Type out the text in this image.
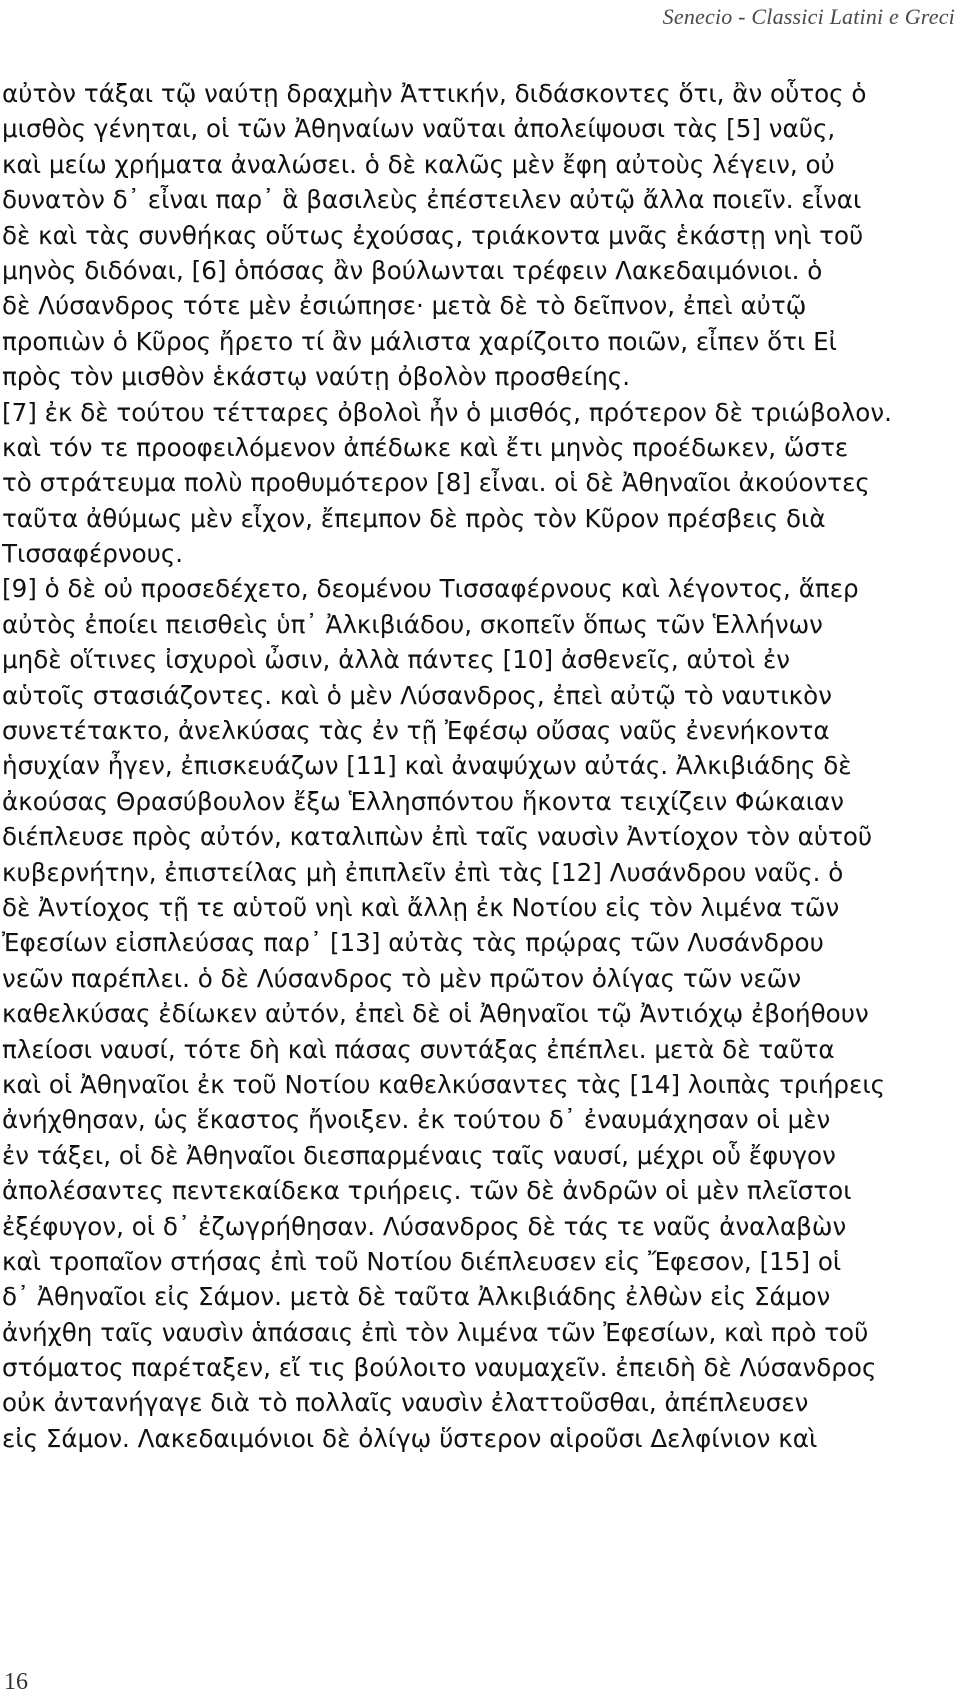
Senecio - Classici Latini e Greci
αὐτὸν τάξαι τῷ ναύτῃ δραχμὴν Ἀττικήν, διδάσκοντες ὅτι, ἂν οὗτος ὁ
μισθὸς γένηται, οἱ τῶν Ἀθηναίων ναῦται ἀπολείψουσι τὰς [5] ναῦς,
καὶ μείω χρήματα ἀναλώσει. ὁ δὲ καλῶς μὲν ἔφη αὐτοὺς λέγειν, οὐ
δυνατὸν δ᾽ εἶναι παρ᾽ ἃ βασιλεὺς ἐπέστειλεν αὐτῷ ἄλλα ποιεῖν. εἶναι
δὲ καὶ τὰς συνθήκας οὕτως ἐχούσας, τριάκοντα μνᾶς ἑκάστῃ νηὶ τοῦ
μηνὸς διδόναι, [6] ὁπόσας ἂν βούλωνται τρέφειν Λακεδαιμόνιοι. ὁ
δὲ Λύσανδρος τότε μὲν ἐσιώπησε· μετὰ δὲ τὸ δεῖπνον, ἐπεὶ αὐτῷ
προπιὼν ὁ Κῦρος ἤρετο τί ἂν μάλιστα χαρίζοιτο ποιῶν, εἶπεν ὅτι Εἰ
πρὸς τὸν μισθὸν ἑκάστῳ ναύτῃ ὀβολὸν προσθείης.
[7] ἐκ δὲ τούτου τέτταρες ὀβολοὶ ἦν ὁ μισθός, πρότερον δὲ τριώβολον.
καὶ τόν τε προοφειλόμενον ἀπέδωκε καὶ ἔτι μηνὸς προέδωκεν, ὥστε
τὸ στράτευμα πολὺ προθυμότερον [8] εἶναι. οἱ δὲ Ἀθηναῖοι ἀκούοντες
ταῦτα ἀθύμως μὲν εἶχον, ἔπεμπον δὲ πρὸς τὸν Κῦρον πρέσβεις διὰ
Τισσαφέρνους.
[9] ὁ δὲ οὐ προσεδέχετο, δεομένου Τισσαφέρνους καὶ λέγοντος, ἅπερ
αὐτὸς ἐποίει πεισθεὶς ὑπ᾽ Ἀλκιβιάδου, σκοπεῖν ὅπως τῶν Ἑλλήνων
μηδὲ οἵτινες ἰσχυροὶ ὦσιν, ἀλλὰ πάντες [10] ἀσθενεῖς, αὐτοὶ ἐν
αὑτοῖς στασιάζοντες. καὶ ὁ μὲν Λύσανδρος, ἐπεὶ αὐτῷ τὸ ναυτικὸν
συνετέτακτο, ἀνελκύσας τὰς ἐν τῇ Ἐφέσῳ οὔσας ναῦς ἐνενήκοντα
ἡσυχίαν ἦγεν, ἐπισκευάζων [11] καὶ ἀναψύχων αὐτάς. Ἀλκιβιάδης δὲ
ἀκούσας Θρασύβουλον ἔξω Ἑλλησπόντου ἥκοντα τειχίζειν Φώκαιαν
διέπλευσε πρὸς αὐτόν, καταλιπὼν ἐπὶ ταῖς ναυσὶν Ἀντίοχον τὸν αὑτοῦ
κυβερνήτην, ἐπιστείλας μὴ ἐπιπλεῖν ἐπὶ τὰς [12] Λυσάνδρου ναῦς. ὁ
δὲ Ἀντίοχος τῇ τε αὑτοῦ νηὶ καὶ ἄλλῃ ἐκ Νοτίου εἰς τὸν λιμένα τῶν
Ἐφεσίων εἰσπλεύσας παρ᾽ [13] αὐτὰς τὰς πρῴρας τῶν Λυσάνδρου
νεῶν παρέπλει. ὁ δὲ Λύσανδρος τὸ μὲν πρῶτον ὀλίγας τῶν νεῶν
καθελκύσας ἐδίωκεν αὐτόν, ἐπεὶ δὲ οἱ Ἀθηναῖοι τῷ Ἀντιόχῳ ἐβοήθουν
πλείοσι ναυσί, τότε δὴ καὶ πάσας συντάξας ἐπέπλει. μετὰ δὲ ταῦτα
καὶ οἱ Ἀθηναῖοι ἐκ τοῦ Νοτίου καθελκύσαντες τὰς [14] λοιπὰς τριήρεις
ἀνήχθησαν, ὡς ἕκαστος ἤνοιξεν. ἐκ τούτου δ᾽ ἐναυμάχησαν οἱ μὲν
ἐν τάξει, οἱ δὲ Ἀθηναῖοι διεσπαρμέναις ταῖς ναυσί, μέχρι οὗ ἔφυγον
ἀπολέσαντες πεντεκαίδεκα τριήρεις. τῶν δὲ ἀνδρῶν οἱ μὲν πλεῖστοι
ἐξέφυγον, οἱ δ᾽ ἐζωγρήθησαν. Λύσανδρος δὲ τάς τε ναῦς ἀναλαβὼν
καὶ τροπαῖον στήσας ἐπὶ τοῦ Νοτίου διέπλευσεν εἰς Ἔφεσον, [15] οἱ
δ᾽ Ἀθηναῖοι εἰς Σάμον. μετὰ δὲ ταῦτα Ἀλκιβιάδης ἐλθὼν εἰς Σάμον
ἀνήχθη ταῖς ναυσὶν ἁπάσαις ἐπὶ τὸν λιμένα τῶν Ἐφεσίων, καὶ πρὸ τοῦ
στόματος παρέταξεν, εἴ τις βούλοιτο ναυμαχεῖν. ἐπειδὴ δὲ Λύσανδρος
οὐκ ἀντανήγαγε διὰ τὸ πολλαῖς ναυσὶν ἐλαττοῦσθαι, ἀπέπλευσεν
εἰς Σάμον. Λακεδαιμόνιοι δὲ ὀλίγῳ ὕστερον αἱροῦσι Δελφίνιον καὶ
16
